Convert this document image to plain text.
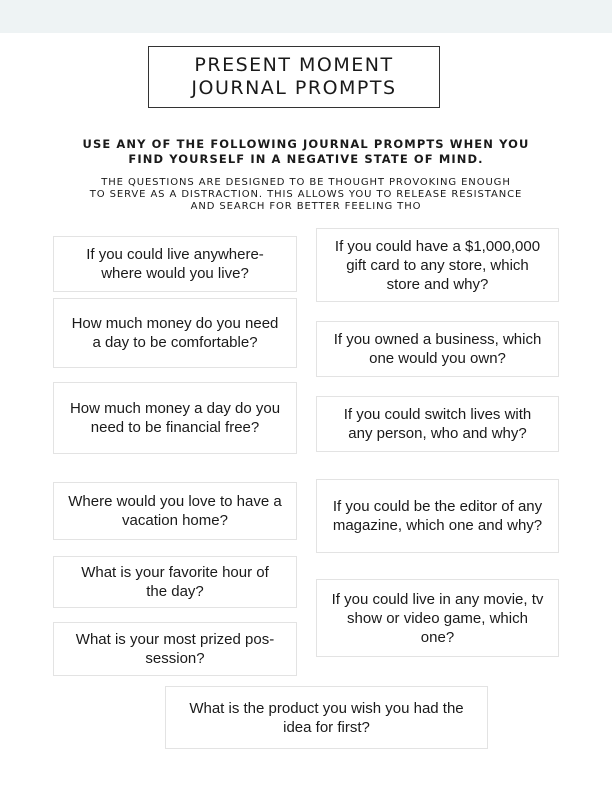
PRESENT MOMENT
JOURNAL PROMPTS
USE ANY OF THE FOLLOWING JOURNAL PROMPTS WHEN YOU
FIND YOURSELF IN A NEGATIVE STATE OF MIND.
THE QUESTIONS ARE DESIGNED TO BE THOUGHT PROVOKING ENOUGH
TO SERVE AS A DISTRACTION. THIS ALLOWS YOU TO RELEASE RESISTANCE
AND SEARCH FOR BETTER FEELING THO
If you could live anywhere-
where would you live?
How much money do you need
a day to be comfortable?
How much money a day do you
need to be financial free?
Where would you love to have a
vacation home?
What is your favorite hour of
the day?
What is your most prized pos-
session?
If you could have a $1,000,000
gift card to any store, which
store and why?
If you owned a business, which
one would you own?
If you could switch lives with
any person, who and why?
If you could be the editor of any
magazine, which one and why?
If you could live in any movie, tv
show or video game, which
one?
What is the product you wish you had the
idea for first?
